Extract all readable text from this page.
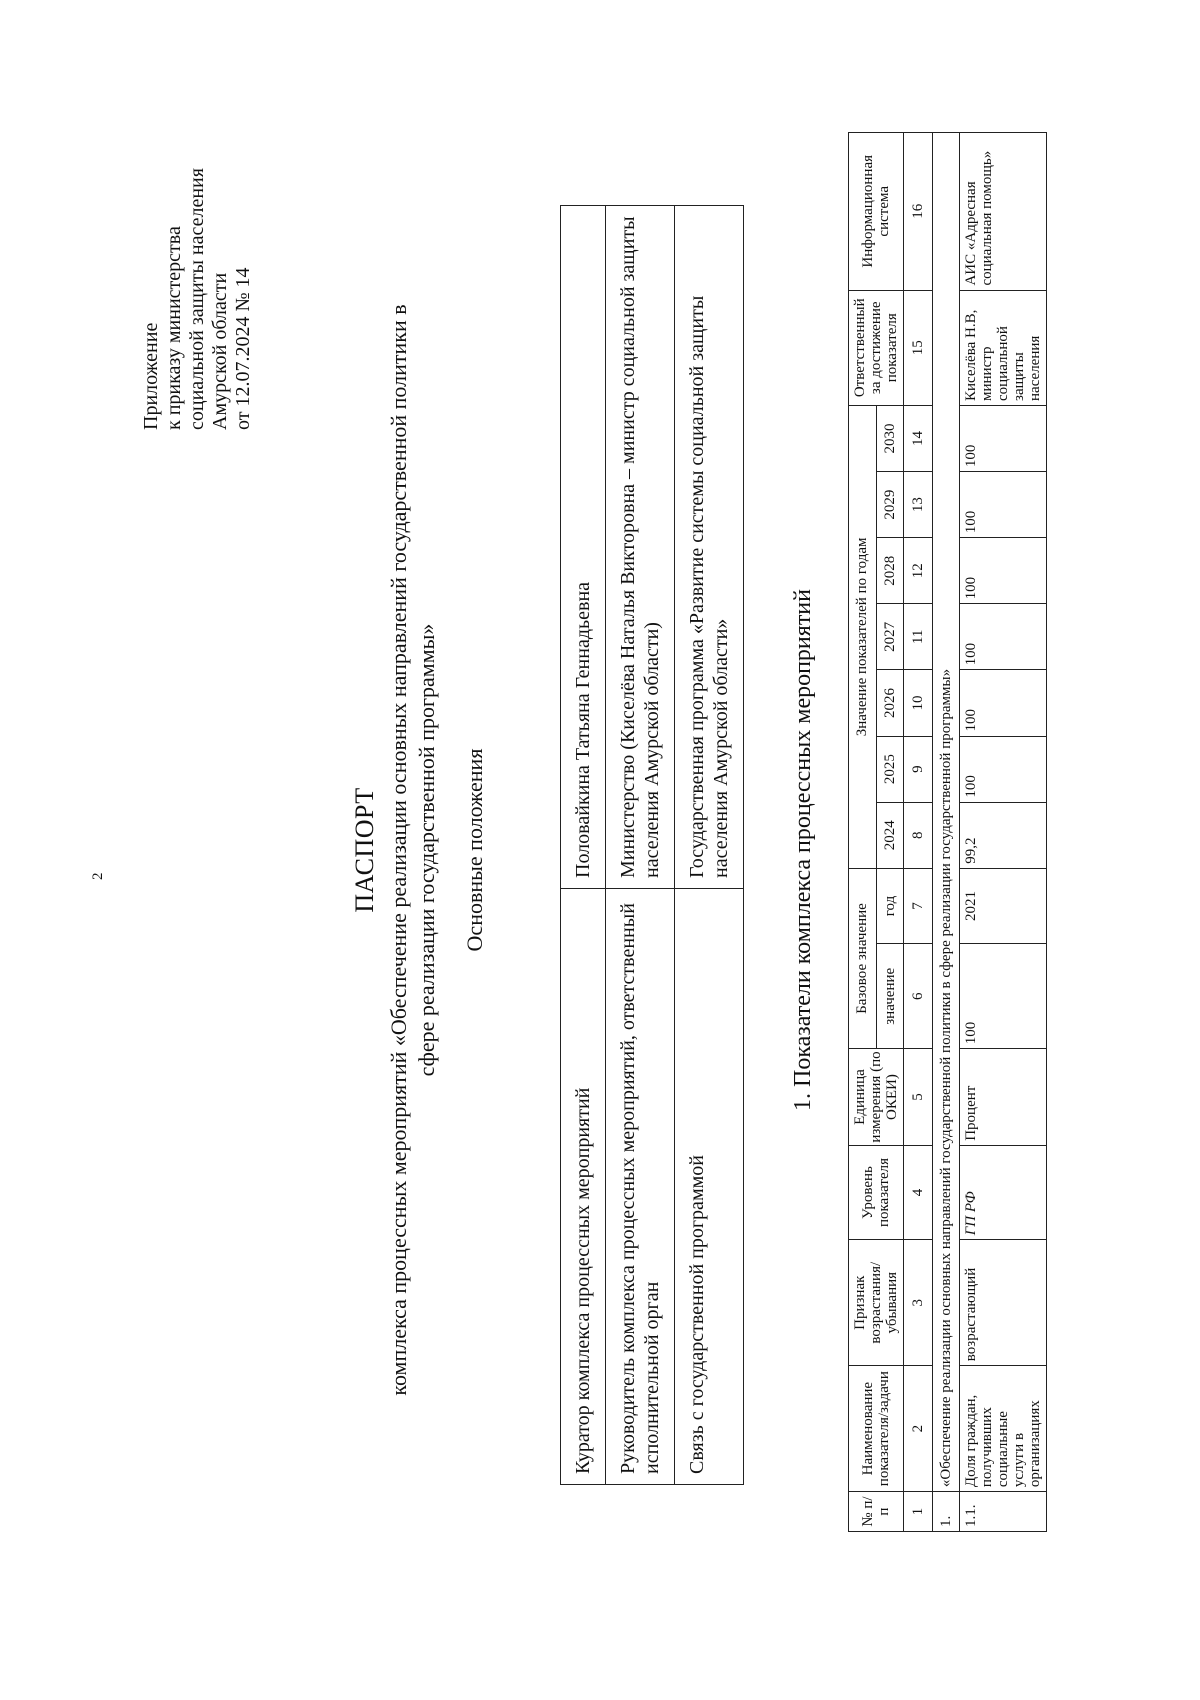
2
Приложение
к приказу министерства
социальной защиты населения
Амурской области
от 12.07.2024 № 14
ПАСПОРТ комплекса процессных мероприятий «Обеспечение реализации основных направлений государственной политики в сфере реализации государственной программы» Основные положения
Куратор комплекса процессных мероприятий	Половайкина Татьяна Геннадьевна
Руководитель комплекса процессных мероприятий, ответственный исполнительной орган	Министерство (Киселёва Наталья Викторовна – министр социальной защиты населения Амурской области)
Связь с государственной программой	Государственная программа «Развитие системы социальной защиты населения Амурской области» 1. Показатели комплекса процессных мероприятий
№ п/п	Наименование показателя/задачи	Признак возрастания/ убывания	Уровень показателя	Единица измерения (по ОКЕИ)	Базовое значение		Значение показателей по годам							Ответственный за достижение показателя	Информационная система
					значение	год	2024	2025	2026	2027	2028	2029	2030		
1	2	3	4	5	6	7	8	9	10	11	12	13	14	15	16
1.	«Обеспечение реализации основных направлений государственной политики в сфере реализации государственной программы»														
1.1.	Доля граждан, получивших социальные услуги в организациях	возрастающий	ГП РФ	Процент	100	2021	99,2	100	100	100	100	100	100	Киселёва Н.В, министр социальной защиты населения	АИС «Адресная социальная помощь»
